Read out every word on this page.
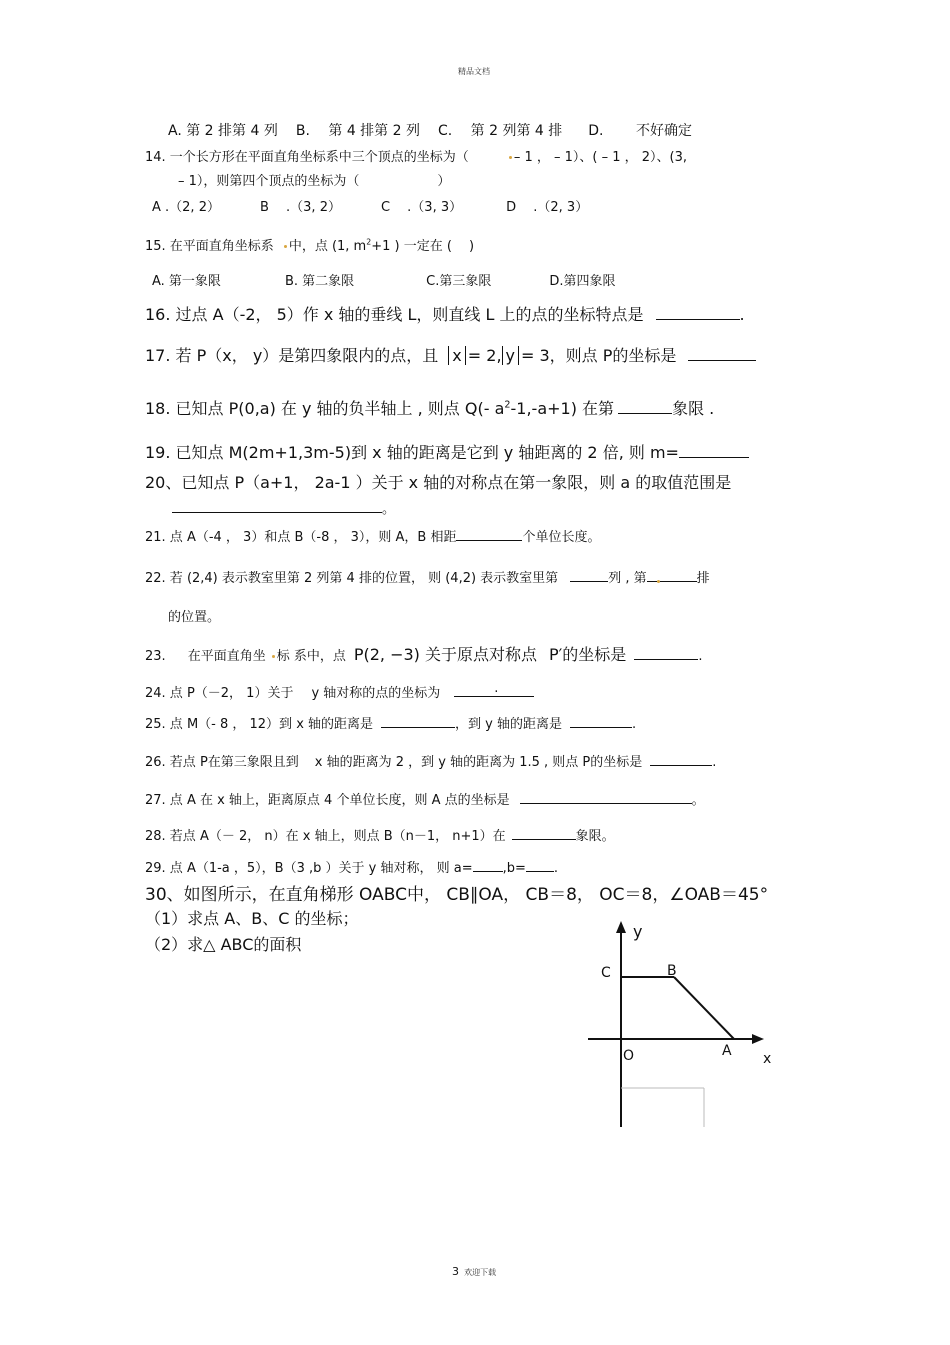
精品文档
A. 第 2 排第 4 列 B.　 第 4 排第 2 列 C.　 第 2 列第 4 排 D.　　 不好确定
14. 一个长方形在平面直角坐标系中三个顶点的坐标为（	– 1 ， – 1）、( – 1 ， 2）、(3,
– 1），则第四个顶点的坐标为（　　　　　　）
A .（2, 2）	B　 .（3, 2）	C　 .（3, 3）	D　 .（2, 3）
15. 在平面直角坐标系 中，点 (1, $m^2+1$ ) 一定在 (　 )
A. 第一象限	B. 第二象限	C.第三象限	D.第四象限
16. 过点 A（-2， 5）作 x 轴的垂线 L，则直线 L 上的点的坐标特点是	.
17. 若 P（x， y）是第四象限内的点，且 x = 2, y = 3，则点 P的坐标是
18. 已知点 P(0,a) 在 y 轴的负半轴上 , 则点 Q(- $a^2-1,-a+1$) 在第	象限 .
19. 已知点 M(2m+1,3m-5)到 x 轴的距离是它到 y 轴距离的 2 倍, 则 m=
20、已知点 P（a+1， 2a-1 ）关于 x 轴的对称点在第一象限，则 a 的取值范围是
。
21. 点 A（-4 ， 3）和点 B（-8 ， 3），则 A，B 相距	个单位长度。
22. 若 (2,4) 表示教室里第 2 列第 4 排的位置， 则 (4,2) 表示教室里第	列 , 第	排
的位置。
23. 在平面直角坐 标 系中，点 P(2, −3) 关于原点对称点 P′的坐标是	.
24. 点 P（－2， 1）关于 y 轴对称的点的坐标为	.
25. 点 M（- 8 ， 12）到 x 轴的距离是	，到 y 轴的距离是	.
26. 若点 P在第三象限且到 x 轴的距离为 2 ，到 y 轴的距离为 1.5 , 则点 P的坐标是	.
27. 点 A 在 x 轴上，距离原点 4 个单位长度，则 A 点的坐标是	。
28. 若点 A（－ 2， n）在 x 轴上，则点 B（n－1， n+1）在	象限。
29. 点 A（1-a ，5），B（3 ,b ）关于 y 轴对称， 则 a= ,b= .
30、如图所示，在直角梯形 OABC中， CB∥OA， CB＝8， OC＝8，∠OAB＝45°
（1）求点 A、B、C 的坐标；
（2）求△ ABC的面积
y
x
O	A
B
C
3 欢迎下载
